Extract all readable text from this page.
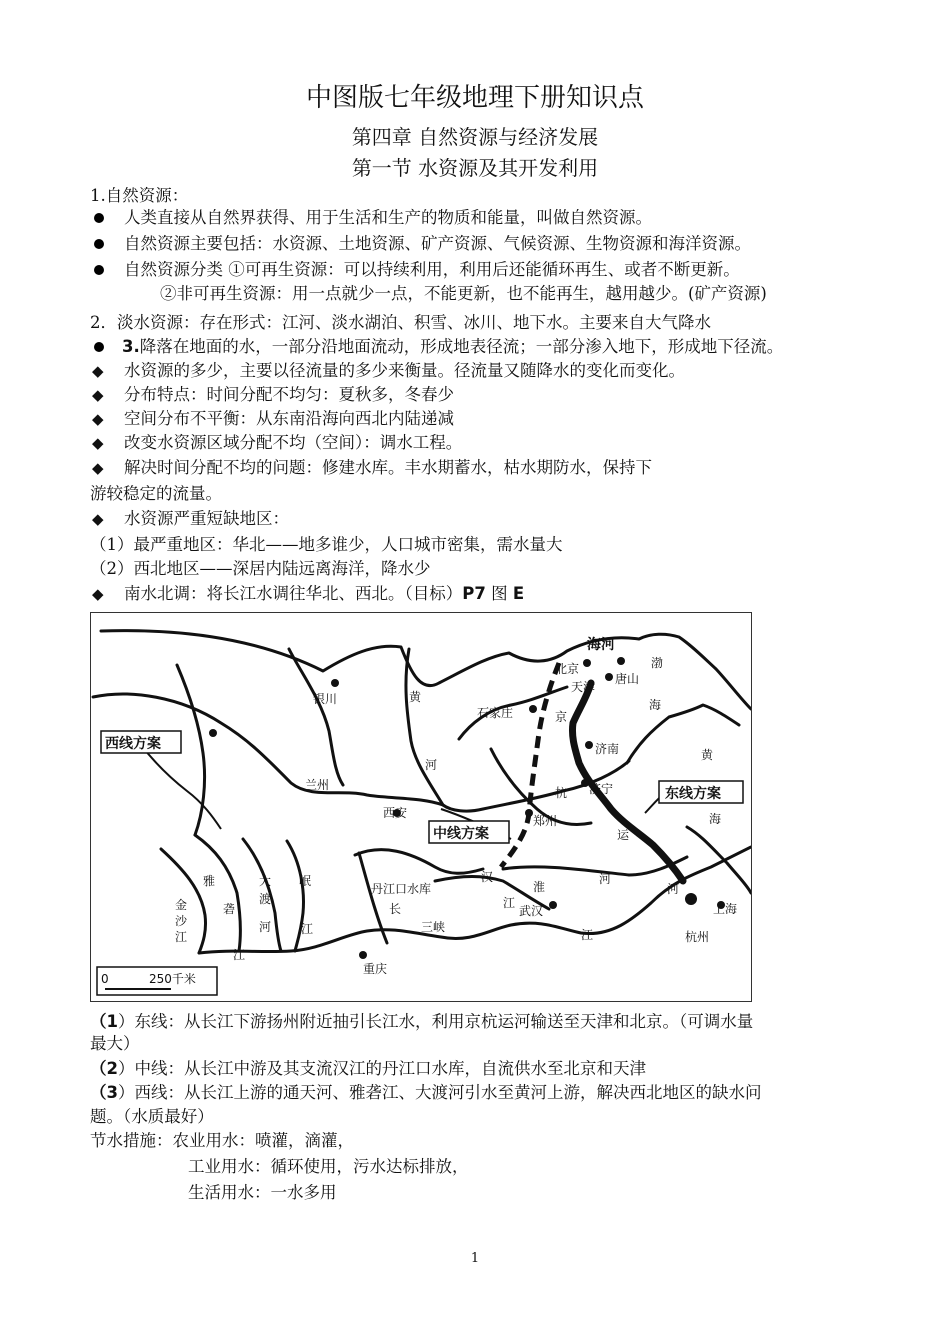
中图版七年级地理下册知识点
第四章 自然资源与经济发展
第一节 水资源及其开发利用
1.自然资源：
人类直接从自然界获得、用于生活和生产的物质和能量，叫做自然资源。
自然资源主要包括：水资源、土地资源、矿产资源、气候资源、生物资源和海洋资源。
自然资源分类 ①可再生资源：可以持续利用，利用后还能循环再生、或者不断更新。
②非可再生资源：用一点就少一点，不能更新，也不能再生，越用越少。(矿产资源)
2．淡水资源：存在形式：江河、淡水湖泊、积雪、冰川、地下水。主要来自大气降水
3.降落在地面的水，一部分沿地面流动，形成地表径流；一部分渗入地下，形成地下径流。
◆ 水资源的多少，主要以径流量的多少来衡量。径流量又随降水的变化而变化。
◆ 分布特点：时间分配不均匀：夏秋多，冬春少
◆ 空间分布不平衡：从东南沿海向西北内陆递减
◆ 改变水资源区域分配不均（空间）：调水工程。
◆ 解决时间分配不均的问题：修建水库。丰水期蓄水，枯水期防水，保持下
游较稳定的流量。
◆ 水资源严重短缺地区：
（1）最严重地区：华北——地多谁少，人口城市密集，需水量大
（2）西北地区——深居内陆远离海洋，降水少
◆ 南水北调：将长江水调往华北、西北。（目标）P7 图 E
海河
北京
天津
唐山
渤
海
银川	黄
河
石家庄	京
杭
西线方案
兰州
济南	黄
济宁	东线方案
西安
郑州	海
中线方案	运
雅	大 岷
丹江口水库
汉
淮
河
河
上海
金
沙
江
砻
渡
河 江
长	江
武汉
三峡
江
江
重庆
杭州
0	250千米
（1）东线：从长江下游扬州附近抽引长江水，利用京杭运河输送至天津和北京。（可调水量
最大）
（2）中线：从长江中游及其支流汉江的丹江口水库，自流供水至北京和天津
（3）西线：从长江上游的通天河、雅砻江、大渡河引水至黄河上游，解决西北地区的缺水问
题。（水质最好）
节水措施：农业用水：喷灌，滴灌，
工业用水：循环使用，污水达标排放，
生活用水：一水多用
1
